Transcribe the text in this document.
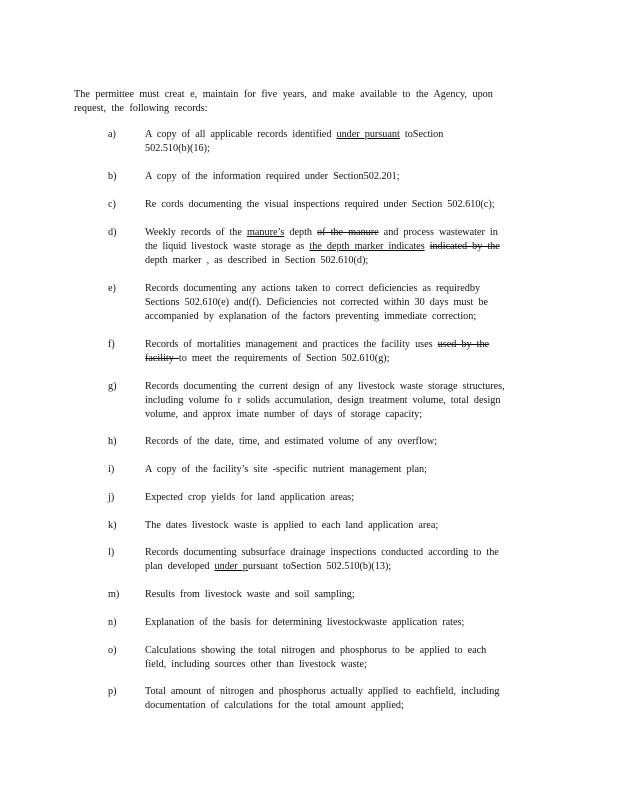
The permittee must creat e, maintain for five years, and make available to the Agency, upon
request, the following records:
a)	A copy of all applicable records identified under pursuant toSection
502.510(b)(16);
b)	A copy of the information required under Section502.201;
c)	Re cords documenting the visual inspections required under Section 502.610(c);
d)	Weekly records of the manure’s depth of the manure and process wastewater in
the liquid livestock waste storage as the depth marker indicates indicated by the
depth marker , as described in Section 502.610(d);
e)	Records documenting any actions taken to correct deficiencies as requiredby
Sections 502.610(e) and(f). Deficiencies not corrected within 30 days must be
accompanied by explanation of the factors preventing immediate correction;
f)	Records of mortalities management and practices the facility uses used by the
facility to meet the requirements of Section 502.610(g);
g)	Records documenting the current design of any livestock waste storage structures,
including volume fo r solids accumulation, design treatment volume, total design
volume, and approx imate number of days of storage capacity;
h)	Records of the date, time, and estimated volume of any overflow;
i)	A copy of the facility’s site -specific nutrient management plan;
j)	Expected crop yields for land application areas;
k)	The dates livestock waste is applied to each land application area;
l)	Records documenting subsurface drainage inspections conducted according to the
plan developed under pursuant toSection 502.510(b)(13);
m)	Results from livestock waste and soil sampling;
n)	Explanation of the basis for determining livestockwaste application rates;
o)	Calculations showing the total nitrogen and phosphorus to be applied to each
field, including sources other than livestock waste;
p)	Total amount of nitrogen and phosphorus actually applied to eachfield, including
documentation of calculations for the total amount applied;
